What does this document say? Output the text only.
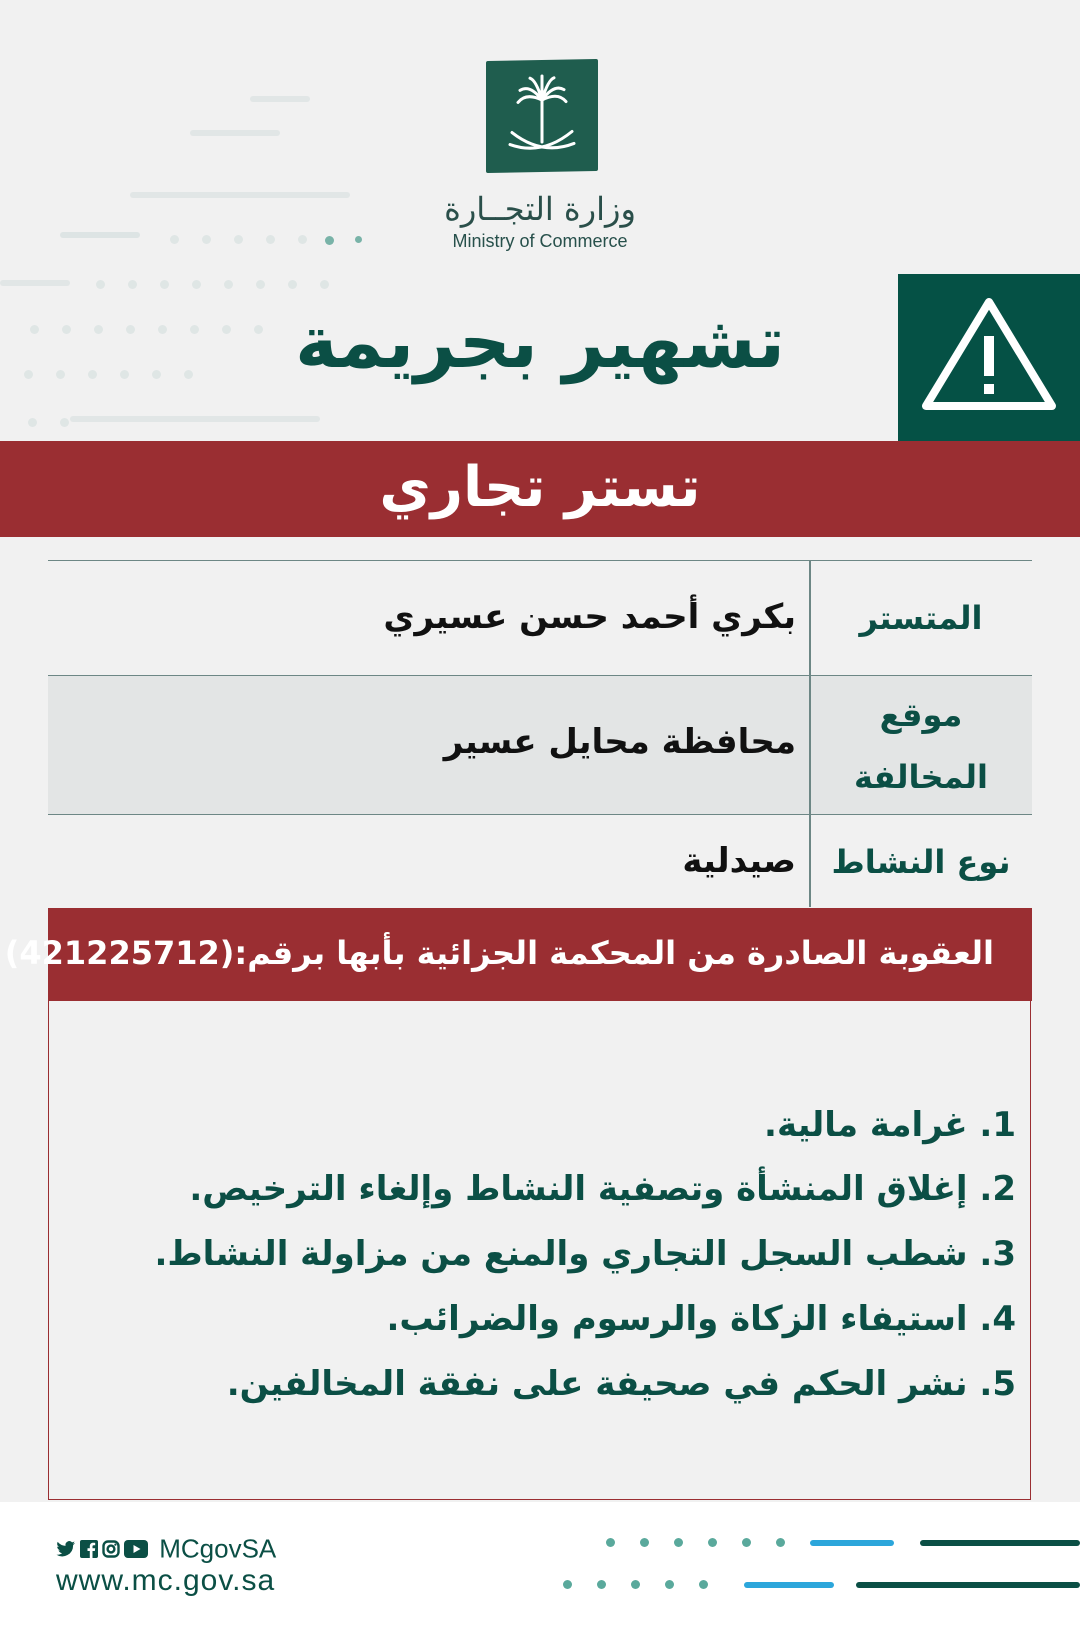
وزارة التجــارة
Ministry of Commerce
تشهير بجريمة
تستر تجاري
بكري أحمد حسن عسيري	المتستر
محافظة محايل عسير
موقع المخالفة
صيدلية	نوع النشاط
العقوبة الصادرة من المحكمة الجزائية بأبها برقم:(421225712)
1. غرامة مالية.
2. إغلاق المنشأة وتصفية النشاط وإلغاء الترخيص.
3. شطب السجل التجاري والمنع من مزاولة النشاط.
4. استيفاء الزكاة والرسوم والضرائب.
5. نشر الحكم في صحيفة على نفقة المخالفين.
MCgovSA
www.mc.gov.sa
